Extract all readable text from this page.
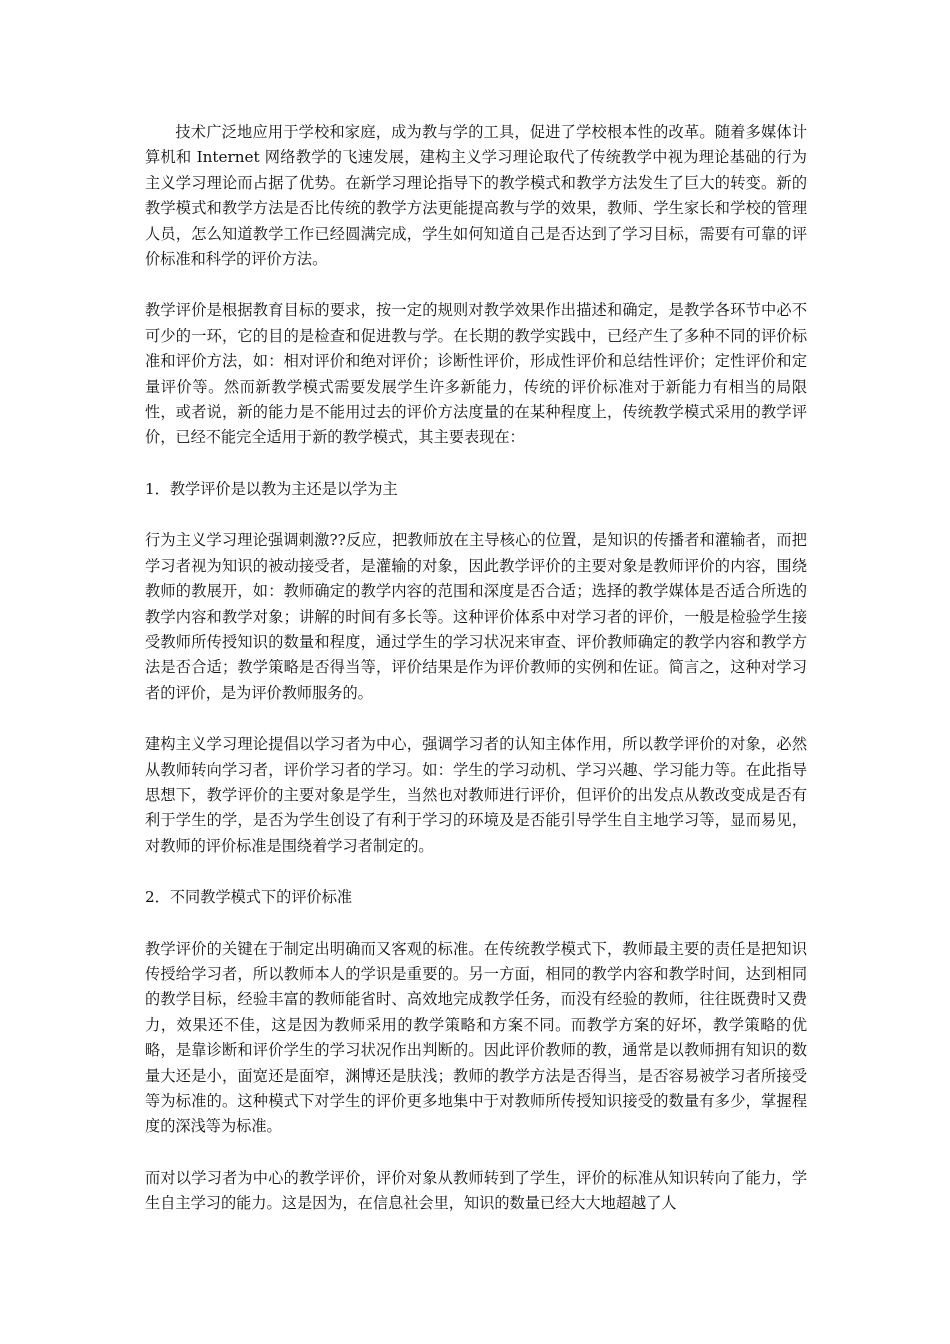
技术广泛地应用于学校和家庭，成为教与学的工具，促进了学校根本性的改革。随着多媒体计算机和 Internet 网络教学的飞速发展，建构主义学习理论取代了传统教学中视为理论基础的行为主义学习理论而占据了优势。在新学习理论指导下的教学模式和教学方法发生了巨大的转变。新的教学模式和教学方法是否比传统的教学方法更能提高教与学的效果，教师、学生家长和学校的管理人员，怎么知道教学工作已经圆满完成，学生如何知道自己是否达到了学习目标，需要有可靠的评价标准和科学的评价方法。

教学评价是根据教育目标的要求，按一定的规则对教学效果作出描述和确定，是教学各环节中必不可少的一环，它的目的是检查和促进教与学。在长期的教学实践中，已经产生了多种不同的评价标准和评价方法，如：相对评价和绝对评价；诊断性评价，形成性评价和总结性评价；定性评价和定量评价等。然而新教学模式需要发展学生许多新能力，传统的评价标准对于新能力有相当的局限性，或者说，新的能力是不能用过去的评价方法度量的在某种程度上，传统教学模式采用的教学评价，已经不能完全适用于新的教学模式，其主要表现在：

1．教学评价是以教为主还是以学为主

行为主义学习理论强调刺激??反应，把教师放在主导核心的位置，是知识的传播者和灌输者，而把学习者视为知识的被动接受者，是灌输的对象，因此教学评价的主要对象是教师评价的内容，围绕教师的教展开，如：教师确定的教学内容的范围和深度是否合适；选择的教学媒体是否适合所选的教学内容和教学对象；讲解的时间有多长等。这种评价体系中对学习者的评价，一般是检验学生接受教师所传授知识的数量和程度，通过学生的学习状况来审查、评价教师确定的教学内容和教学方法是否合适；教学策略是否得当等，评价结果是作为评价教师的实例和佐证。简言之，这种对学习者的评价，是为评价教师服务的。

建构主义学习理论提倡以学习者为中心，强调学习者的认知主体作用，所以教学评价的对象，必然从教师转向学习者，评价学习者的学习。如：学生的学习动机、学习兴趣、学习能力等。在此指导思想下，教学评价的主要对象是学生，当然也对教师进行评价，但评价的出发点从教改变成是否有利于学生的学，是否为学生创设了有利于学习的环境及是否能引导学生自主地学习等，显而易见，对教师的评价标准是围绕着学习者制定的。

2．不同教学模式下的评价标准

教学评价的关键在于制定出明确而又客观的标准。在传统教学模式下，教师最主要的责任是把知识传授给学习者，所以教师本人的学识是重要的。另一方面，相同的教学内容和教学时间，达到相同的教学目标，经验丰富的教师能省时、高效地完成教学任务，而没有经验的教师，往往既费时又费力，效果还不佳，这是因为教师采用的教学策略和方案不同。而教学方案的好坏，教学策略的优略，是靠诊断和评价学生的学习状况作出判断的。因此评价教师的教，通常是以教师拥有知识的数量大还是小，面宽还是面窄，渊博还是肤浅；教师的教学方法是否得当，是否容易被学习者所接受等为标准的。这种模式下对学生的评价更多地集中于对教师所传授知识接受的数量有多少，掌握程度的深浅等为标准。

而对以学习者为中心的教学评价，评价对象从教师转到了学生，评价的标准从知识转向了能力，学生自主学习的能力。这是因为，在信息社会里，知识的数量已经大大地超越了人
